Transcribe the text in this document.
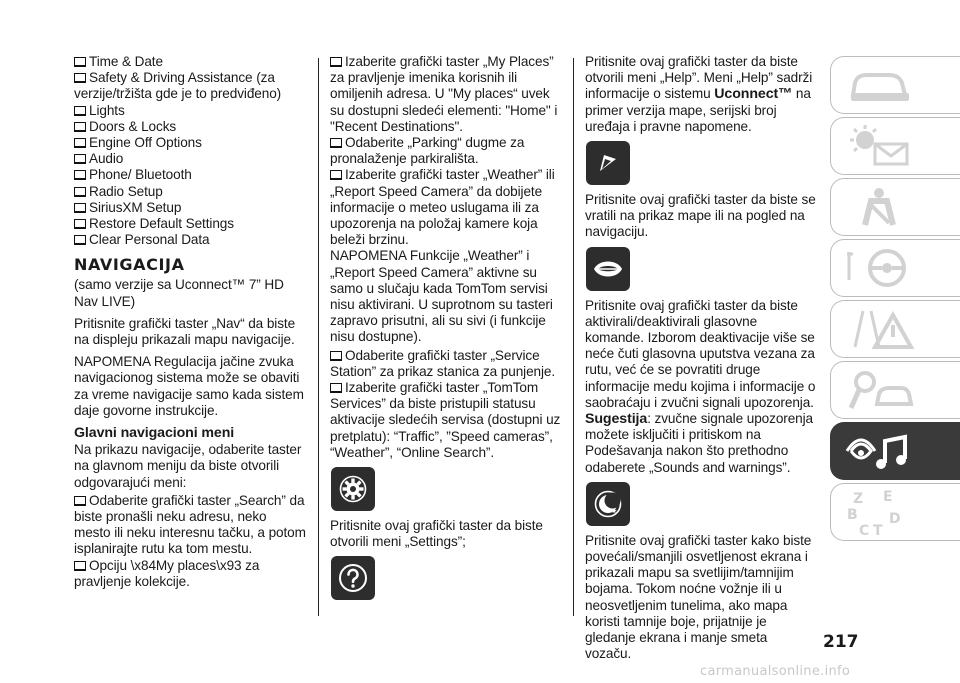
Time & Date
Safety & Driving Assistance (za verzije/tržišta gde je to predviđeno)
Lights
Doors & Locks
Engine Off Options
Audio
Phone/ Bluetooth
Radio Setup
SiriusXM Setup
Restore Default Settings
Clear Personal Data
NAVIGACIJA

(samo verzije sa Uconnect™ 7” HD Nav LIVE)

Pritisnite grafički taster „Nav“ da biste na displeju prikazali mapu navigacije.

NAPOMENA Regulacija jačine zvuka navigacionog sistema može se obaviti za vreme navigacije samo kada sistem daje govorne instrukcije.

Glavni navigacioni meni

Na prikazu navigacije, odaberite taster na glavnom meniju da biste otvorili odgovarajući meni:

Odaberite grafički taster „Search” da biste pronašli neku adresu, neko mesto ili neku interesnu tačku, a potom isplanirajte rutu ka tom mestu.
Opciju \x84My places\x93 za pravljenje kolekcije.
Izaberite grafički taster „My Places” za pravljenje imenika korisnih ili omiljenih adresa. U "My places“ uvek su dostupni sledeći elementi: "Home" i "Recent Destinations".
Odaberite „Parking“ dugme za pronalaženje parkirališta.
Izaberite grafički taster „Weather” ili „Report Speed Camera” da dobijete informacije o meteo uslugama ili za upozorenja na položaj kamere koja beleži brzinu.

NAPOMENA Funkcije „Weather” i „Report Speed Camera” aktivne su samo u slučaju kada TomTom servisi nisu aktivirani. U suprotnom su tasteri zapravo prisutni, ali su sivi (i funkcije nisu dostupne).

Odaberite grafički taster „Service Station” za prikaz stanica za punjenje.
Izaberite grafički taster „TomTom Services” da biste pristupili statusu aktivacije sledećih servisa (dostupni uz pretplatu): “Traffic”, ”Speed cameras”, “Weather”, “Online Search”.

Pritisnite ovaj grafički taster da biste otvorili meni „Settings”;

Pritisnite ovaj grafički taster da biste otvorili meni „Help”. Meni „Help” sadrži informacije o sistemu Uconnect™ na primer verzija mape, serijski broj uređaja i pravne napomene.

Pritisnite ovaj grafički taster da biste se vratili na prikaz mape ili na pogled na navigaciju.

Pritisnite ovaj grafički taster da biste aktivirali/deaktivirali glasovne komande. Izborom deaktivacije više se neće čuti glasovna uputstva vezana za rutu, već će se povratiti druge informacije medu kojima i informacije o saobraćaju i zvučni signali upozorenja. Sugestija: zvučne signale upozorenja možete isključiti i pritiskom na Podešavanja nakon što prethodno odaberete „Sounds and warnings”.

Pritisnite ovaj grafički taster kako biste povećali/smanjili osvetljenost ekrana i prikazali mapu sa svetlijim/tamnijim bojama. Tokom noćne vožnje ili u neosvetljenim tunelima, ako mapa koristi tamnije boje, prijatnije je gledanje ekrana i manje smeta vozaču.

Z E
B D
C T
217
carmanualsonline.info
